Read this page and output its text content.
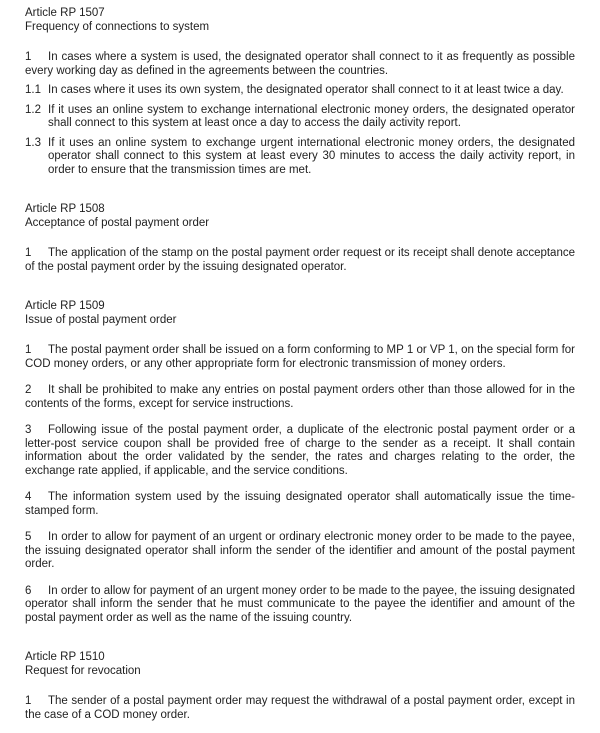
Article RP 1507
Frequency of connections to system

1 In cases where a system is used, the designated operator shall connect to it as frequently as possible every working day as defined in the agreements between the countries.

1.1 In cases where it uses its own system, the designated operator shall connect to it at least twice a day.

1.2 If it uses an online system to exchange international electronic money orders, the designated operator shall connect to this system at least once a day to access the daily activity report.

1.3 If it uses an online system to exchange urgent international electronic money orders, the designated operator shall connect to this system at least every 30 minutes to access the daily activity report, in order to ensure that the transmission times are met.

Article RP 1508
Acceptance of postal payment order

1 The application of the stamp on the postal payment order request or its receipt shall denote acceptance of the postal payment order by the issuing designated operator.

Article RP 1509
Issue of postal payment order

1 The postal payment order shall be issued on a form conforming to MP 1 or VP 1, on the special form for COD money orders, or any other appropriate form for electronic transmission of money orders.

2 It shall be prohibited to make any entries on postal payment orders other than those allowed for in the contents of the forms, except for service instructions.

3 Following issue of the postal payment order, a duplicate of the electronic postal payment order or a letter-post service coupon shall be provided free of charge to the sender as a receipt. It shall contain information about the order validated by the sender, the rates and charges relating to the order, the exchange rate applied, if applicable, and the service conditions.

4 The information system used by the issuing designated operator shall automatically issue the time-stamped form.

5 In order to allow for payment of an urgent or ordinary electronic money order to be made to the payee, the issuing designated operator shall inform the sender of the identifier and amount of the postal payment order.

6 In order to allow for payment of an urgent money order to be made to the payee, the issuing designated operator shall inform the sender that he must communicate to the payee the identifier and amount of the postal payment order as well as the name of the issuing country.

Article RP 1510
Request for revocation

1 The sender of a postal payment order may request the withdrawal of a postal payment order, except in the case of a COD money order.
